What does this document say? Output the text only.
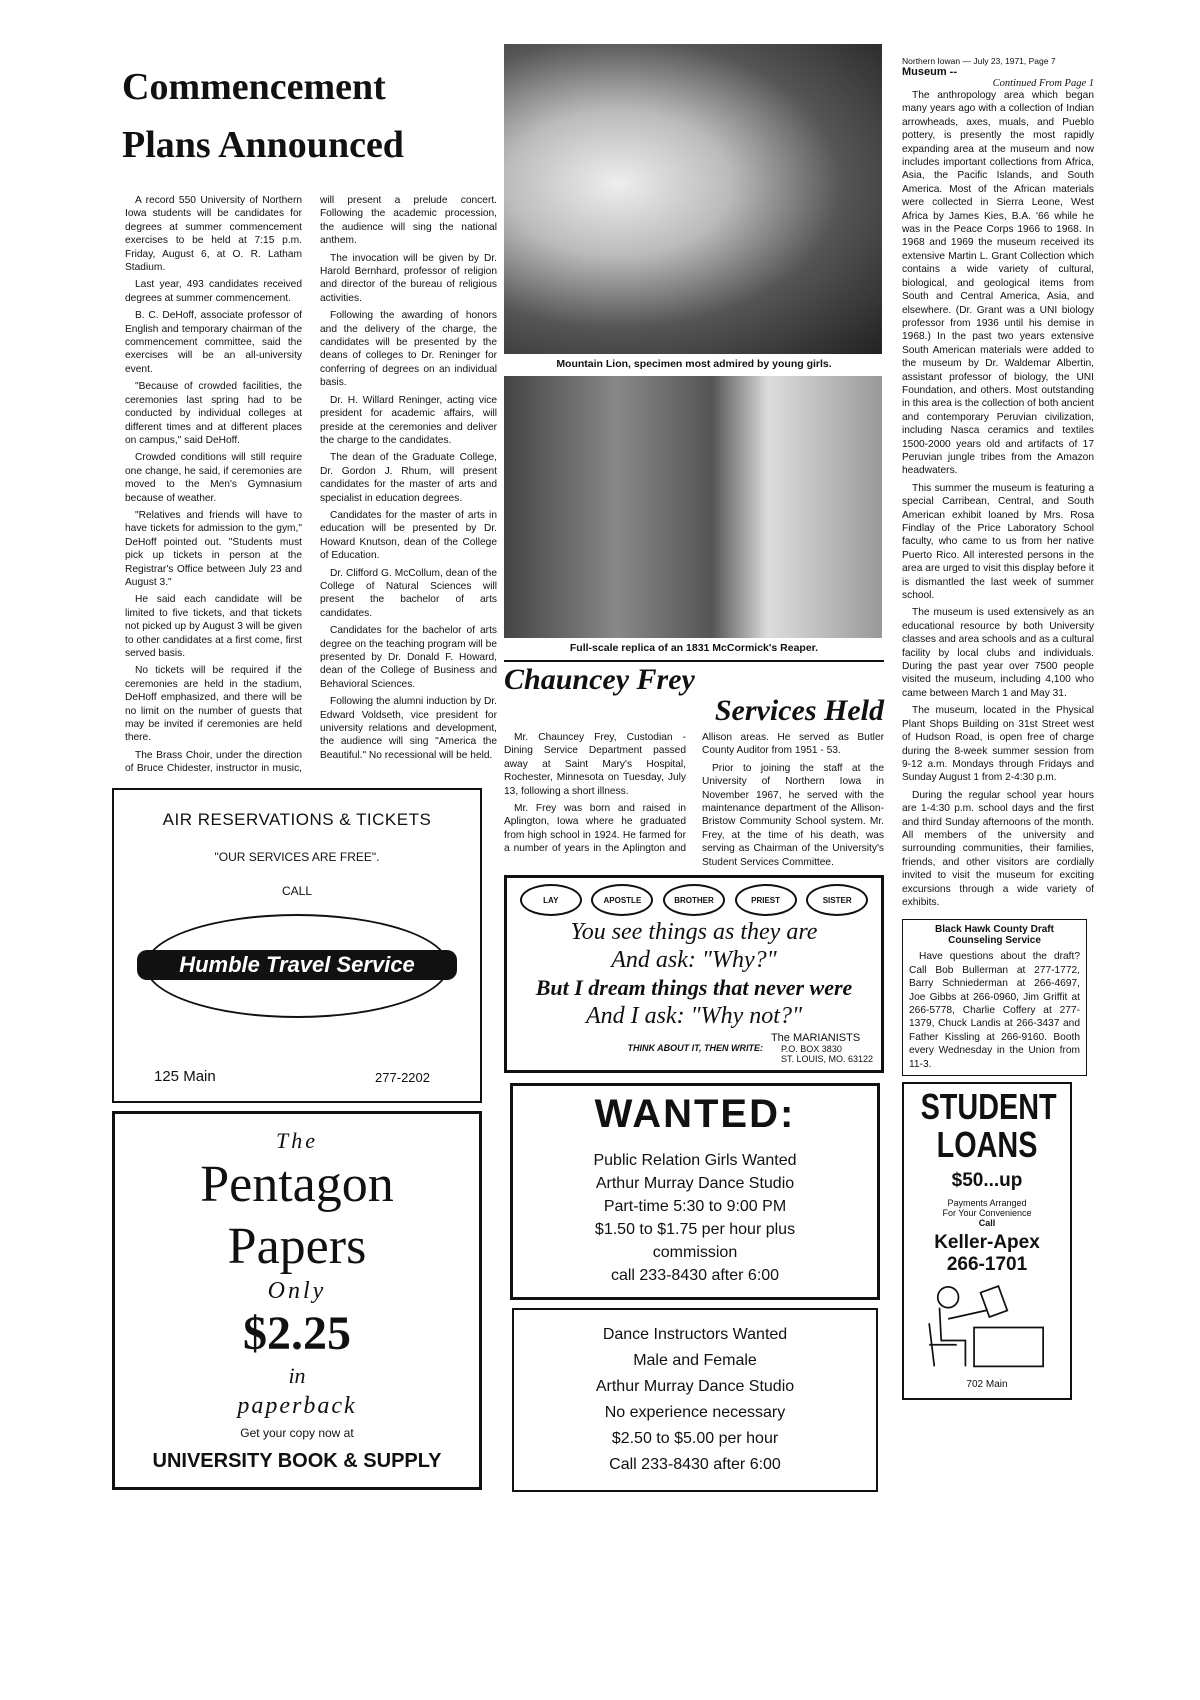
Commencement
Plans Announced

A record 550 University of Northern Iowa students will be candidates for degrees at summer commencement exercises to be held at 7:15 p.m. Friday, August 6, at O. R. Latham Stadium.

Last year, 493 candidates received degrees at summer commencement.

B. C. DeHoff, associate professor of English and temporary chairman of the commencement committee, said the exercises will be an all-university event.

"Because of crowded facilities, the ceremonies last spring had to be conducted by individual colleges at different times and at different places on campus," said DeHoff.

Crowded conditions will still require one change, he said, if ceremonies are moved to the Men's Gymnasium because of weather.

"Relatives and friends will have to have tickets for admission to the gym," DeHoff pointed out. "Students must pick up tickets in person at the Registrar's Office between July 23 and August 3."

He said each candidate will be limited to five tickets, and that tickets not picked up by August 3 will be given to other candidates at a first come, first served basis.

No tickets will be required if the ceremonies are held in the stadium, DeHoff emphasized, and there will be no limit on the number of guests that may be invited if ceremonies are held there.

The Brass Choir, under the direction of Bruce Chidester, instructor in music, will present a prelude concert. Following the academic procession, the audience will sing the national anthem.

The invocation will be given by Dr. Harold Bernhard, professor of religion and director of the bureau of religious activities.

Following the awarding of honors and the delivery of the charge, the candidates will be presented by the deans of colleges to Dr. Reninger for conferring of degrees on an individual basis.

Dr. H. Willard Reninger, acting vice president for academic affairs, will preside at the ceremonies and deliver the charge to the candidates.

The dean of the Graduate College, Dr. Gordon J. Rhum, will present candidates for the master of arts and specialist in education degrees.

Candidates for the master of arts in education will be presented by Dr. Howard Knutson, dean of the College of Education.

Dr. Clifford G. McCollum, dean of the College of Natural Sciences will present the bachelor of arts candidates.

Candidates for the bachelor of arts degree on the teaching program will be presented by Dr. Donald F. Howard, dean of the College of Business and Behavioral Sciences.

Following the alumni induction by Dr. Edward Voldseth, vice president for university relations and development, the audience will sing "America the Beautiful." No recessional will be held.

AIR RESERVATIONS & TICKETS
"OUR SERVICES ARE FREE".
CALL
Humble Travel Service
125 Main	277-2202
The
Pentagon
Papers
Only
$2.25
in
paperback
Get your copy now at
UNIVERSITY BOOK & SUPPLY
Mountain Lion, specimen most admired by young girls.
Full-scale replica of an 1831 McCormick's Reaper.
Chauncey Frey
Services Held

Mr. Chauncey Frey, Custodian - Dining Service Department passed away at Saint Mary's Hospital, Rochester, Minnesota on Tuesday, July 13, following a short illness.

Mr. Frey was born and raised in Aplington, Iowa where he graduated from high school in 1924. He farmed for a number of years in the Aplington and Allison areas. He served as Butler County Auditor from 1951 - 53.

Prior to joining the staff at the University of Northern Iowa in November 1967, he served with the maintenance department of the Allison-Bristow Community School system. Mr. Frey, at the time of his death, was serving as Chairman of the University's Student Services Committee.

LAY	APOSTLE	BROTHER	PRIEST	SISTER
You see things as they are
And ask: "Why?"
But I dream things that never were
And I ask: "Why not?"
THINK ABOUT IT, THEN WRITE:
The MARIANISTS
P.O. BOX 3830
ST. LOUIS, MO. 63122
WANTED:
Public Relation Girls Wanted
Arthur Murray Dance Studio
Part-time 5:30 to 9:00 PM
$1.50 to $1.75 per hour plus
commission
call 233-8430 after 6:00
Dance Instructors Wanted
Male and Female
Arthur Murray Dance Studio
No experience necessary
$2.50 to $5.00 per hour
Call 233-8430 after 6:00
Northern Iowan — July 23, 1971, Page 7
Museum --
Continued From Page 1

The anthropology area which began many years ago with a collection of Indian arrowheads, axes, muals, and Pueblo pottery, is presently the most rapidly expanding area at the museum and now includes important collections from Africa, Asia, the Pacific Islands, and South America. Most of the African materials were collected in Sierra Leone, West Africa by James Kies, B.A. '66 while he was in the Peace Corps 1966 to 1968. In 1968 and 1969 the museum received its extensive Martin L. Grant Collection which contains a wide variety of cultural, biological, and geological items from South and Central America, Asia, and elsewhere. (Dr. Grant was a UNI biology professor from 1936 until his demise in 1968.) In the past two years extensive South American materials were added to the museum by Dr. Waldemar Albertin, assistant professor of biology, the UNI Foundation, and others. Most outstanding in this area is the collection of both ancient and contemporary Peruvian civilization, including Nasca ceramics and textiles 1500-2000 years old and artifacts of 17 Peruvian jungle tribes from the Amazon headwaters.

This summer the museum is featuring a special Carribean, Central, and South American exhibit loaned by Mrs. Rosa Findlay of the Price Laboratory School faculty, who came to us from her native Puerto Rico. All interested persons in the area are urged to visit this display before it is dismantled the last week of summer school.

The museum is used extensively as an educational resource by both University classes and area schools and as a cultural facility by local clubs and individuals. During the past year over 7500 people visited the museum, including 4,100 who came between March 1 and May 31.

The museum, located in the Physical Plant Shops Building on 31st Street west of Hudson Road, is open free of charge during the 8-week summer session from 9-12 a.m. Mondays through Fridays and Sunday August 1 from 2-4:30 p.m.

During the regular school year hours are 1-4:30 p.m. school days and the first and third Sunday afternoons of the month. All members of the university and surrounding communities, their families, friends, and other visitors are cordially invited to visit the museum for exciting excursions through a wide variety of exhibits.

Black Hawk County Draft
Counseling Service
Have questions about the draft? Call Bob Bullerman at 277-1772, Barry Schniederman at 266-4697, Joe Gibbs at 266-0960, Jim Griffit at 266-5778, Charlie Coffery at 277-1379, Chuck Landis at 266-3437 and Father Kissling at 266-9160. Booth every Wednesday in the Union from 11-3.
STUDENT
LOANS
$50...up
Payments Arranged
For Your Convenience
Call
Keller-Apex
266-1701
702 Main
